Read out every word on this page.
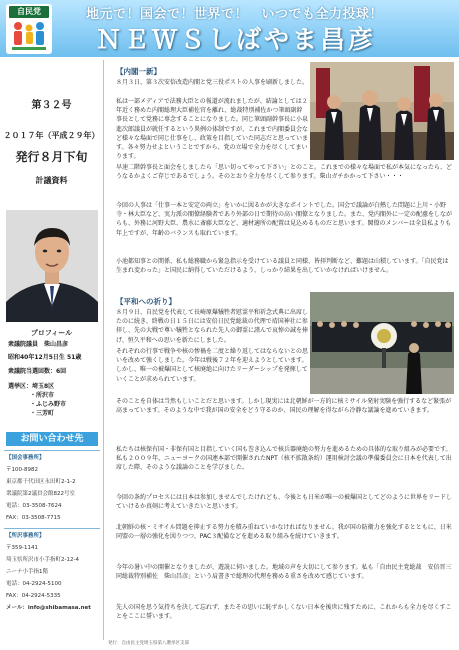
自民党	地元で！国会で！世界で！　いつでも全力投球！
ＮＥＷＳしばやま昌彦
第３２号
２０１７年（平成２９年）
発行８月下旬
計議資料
プロフィール
衆議院議員　柴山昌彦
昭和40年12月5日生 51歳
衆議院当選回数：6回
選挙区：埼玉8区
・所沢市
・ふじみ野市
・三芳町
お問い合わせ先
【国会事務所】
〒100-8982
東京都千代田区永田町2-1-2
衆議院第2議員会館822号室
電話：03-3508-7624
FAX：03-3508-7715
【所沢事務所】
〒359-1141
埼玉県所沢市小手指町2-12-4
ニーナ小手指1階
電話：04-2924-5100
FAX：04-2924-5335
メール：info@shibamasa.net
【内閣一新】
８月３日、第３次安倍改造内閣と党三役ポストの人事を刷新しました。
私は一部メディアで法務大臣との報道が流れましたが、結論としては２年近く務めた内閣総理大臣補佐官を離れ、総裁特別補佐かつ筆頭副幹事長として党務に専念することになりました。同じ筆頭副幹事長に小泉進次郎議員が就任するという異例の体制ですが、これまで内閣委員会など様々な場面で同じ仕事をし、政策を目指していた同志だと思っています。各々努力せよということですから、党の立場で全力を尽くしてまいります。
早速二階幹事長と面会をしましたら「思い切ってやって下さい」とのこと。これまでの様々な場面で私が本気になったら、どうなるかよくご存じであるでしょう。そのとおり全力を尽くして参ります。柴山ガチかかって下さい・・・
今回の人事は「仕事一本と安定の両立」をいかに図るかが大きなポイントでした。国会で議論が白熱した問題に上川・小野寺・林大臣など、実力派の閣僚経験者であり外部の日で期待の高い閣僚となりました。また、党内閣外に一定の配慮をしながらも、外務に河野大臣、農水に斎藤大臣など、適材適所の配置は見込めるものだと思います。閣僚のメンバーは全員私よりも年上ですが、年齢のバランスも取れています。
小池都知事との関係、私も総務職から緊急指示を受けている議員と同様、皆拝判断など、難題は山積しています。「自民党は生まれ変わった」と国民に納得していただけるよう、しっかり結果を出していかなければいけません。
【平和への祈り】
８月９日、自民党を代表して長崎原爆犠牲者慰霊平和祈念式典に出席したのに続き、終戦の日１５日には安倍日民党総裁の代理で靖国神社に参拝し、先の大戦で尊い犠牲となられた先人の御霊に謹んで哀悼の誠を捧げ、恒久平和への思いを新たにしました。
それぞれの行事で戦争や核の惨禍を二度と繰り返してはならないとの思いを改めて強くしました。今年は戦後７２年を迎えようとしています。しかし、唯一の被爆国として核廃絶に向けたリーダーシップを発揮していくことが求められています。
そのことを自体は当然もしいことだと思います。しかし現実には北朝鮮が一方的に核ミサイル発射実験を強行するなど緊張が高まっています。そのような中で我が国の安全をどう守るのか、国民の理解を得ながら冷静な議論を進めていきます。
私たちは核保有国・非保有国と目指していく国も巻き込んで核兵器廃絶の努力を進めるための具体的な取り組みが必要です。私も２００９年、ニューヨークの国連本部で開催されたNPT（核不拡散条約）運用検討会議の準備委員会に日本を代表して出席した際、そのような議論のことを学びました。
今回の条約プロセスには日本は参加しませんでしたけれども、今後とも日米が唯一の被爆国としてどのように世界をリードしていけるか真剣に考えていきたいと思います。
北朝鮮の核・ミサイル問題を抑止する努力を積み重ねていかなければなりません。我が国の防衛力を強化するとともに、日米同盟の一層の強化を図りつつ、PAC３配備などを進める取り組みを続けていきます。
今年の暑い中の開催となりましたが、遊説に伺いました。地域の声を大切にして参ります。私も「自由民主党総裁　安倍晋三　同総裁特別補佐　柴山昌彦」という肩書きで総理の代理を務める重さを改めて感じています。
先人の国を思う気持ちを決して忘れず、またその思いに恥ずかしくない日本を後世に残すために、これからも全力を尽くすことをここに誓います。
発行：自由民主党埼玉県第八選挙区支部
